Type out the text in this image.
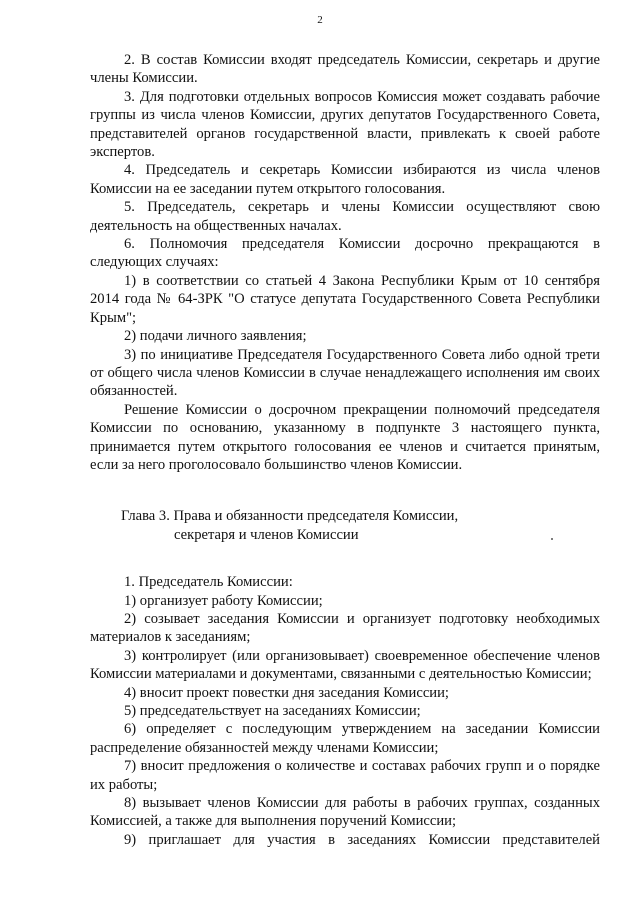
2

2. В состав Комиссии входят председатель Комиссии, секретарь и другие члены Комиссии.

3. Для подготовки отдельных вопросов Комиссия может создавать рабочие группы из числа членов Комиссии, других депутатов Государственного Совета, представителей органов государственной власти, привлекать к своей работе экспертов.

4. Председатель и секретарь Комиссии избираются из числа членов Комиссии на ее заседании путем открытого голосования.

5. Председатель, секретарь и члены Комиссии осуществляют свою деятельность на общественных началах.

6. Полномочия председателя Комиссии досрочно прекращаются в следующих случаях:

1) в соответствии со статьей 4 Закона Республики Крым от 10 сентября 2014 года № 64-ЗРК "О статусе депутата Государственного Совета Республики Крым";

2) подачи личного заявления;

3) по инициативе Председателя Государственного Совета либо одной трети от общего числа членов Комиссии в случае ненадлежащего исполнения им своих обязанностей.

Решение Комиссии о досрочном прекращении полномочий председателя Комиссии по основанию, указанному в подпункте 3 настоящего пункта, принимается путем открытого голосования ее членов и считается принятым, если за него проголосовало большинство членов Комиссии.

Глава 3. Права и обязанности председателя Комиссии,
секретаря и членов Комиссии

1. Председатель Комиссии:

1) организует работу Комиссии;

2) созывает заседания Комиссии и организует подготовку необходимых материалов к заседаниям;

3) контролирует (или организовывает) своевременное обеспечение членов Комиссии материалами и документами, связанными с деятельностью Комиссии;

4) вносит проект повестки дня заседания Комиссии;

5) председательствует на заседаниях Комиссии;

6) определяет с последующим утверждением на заседании Комиссии распределение обязанностей между членами Комиссии;

7) вносит предложения о количестве и составах рабочих групп и о порядке их работы;

8) вызывает членов Комиссии для работы в рабочих группах, созданных Комиссией, а также для выполнения поручений Комиссии;

9) приглашает для участия в заседаниях Комиссии представителей
